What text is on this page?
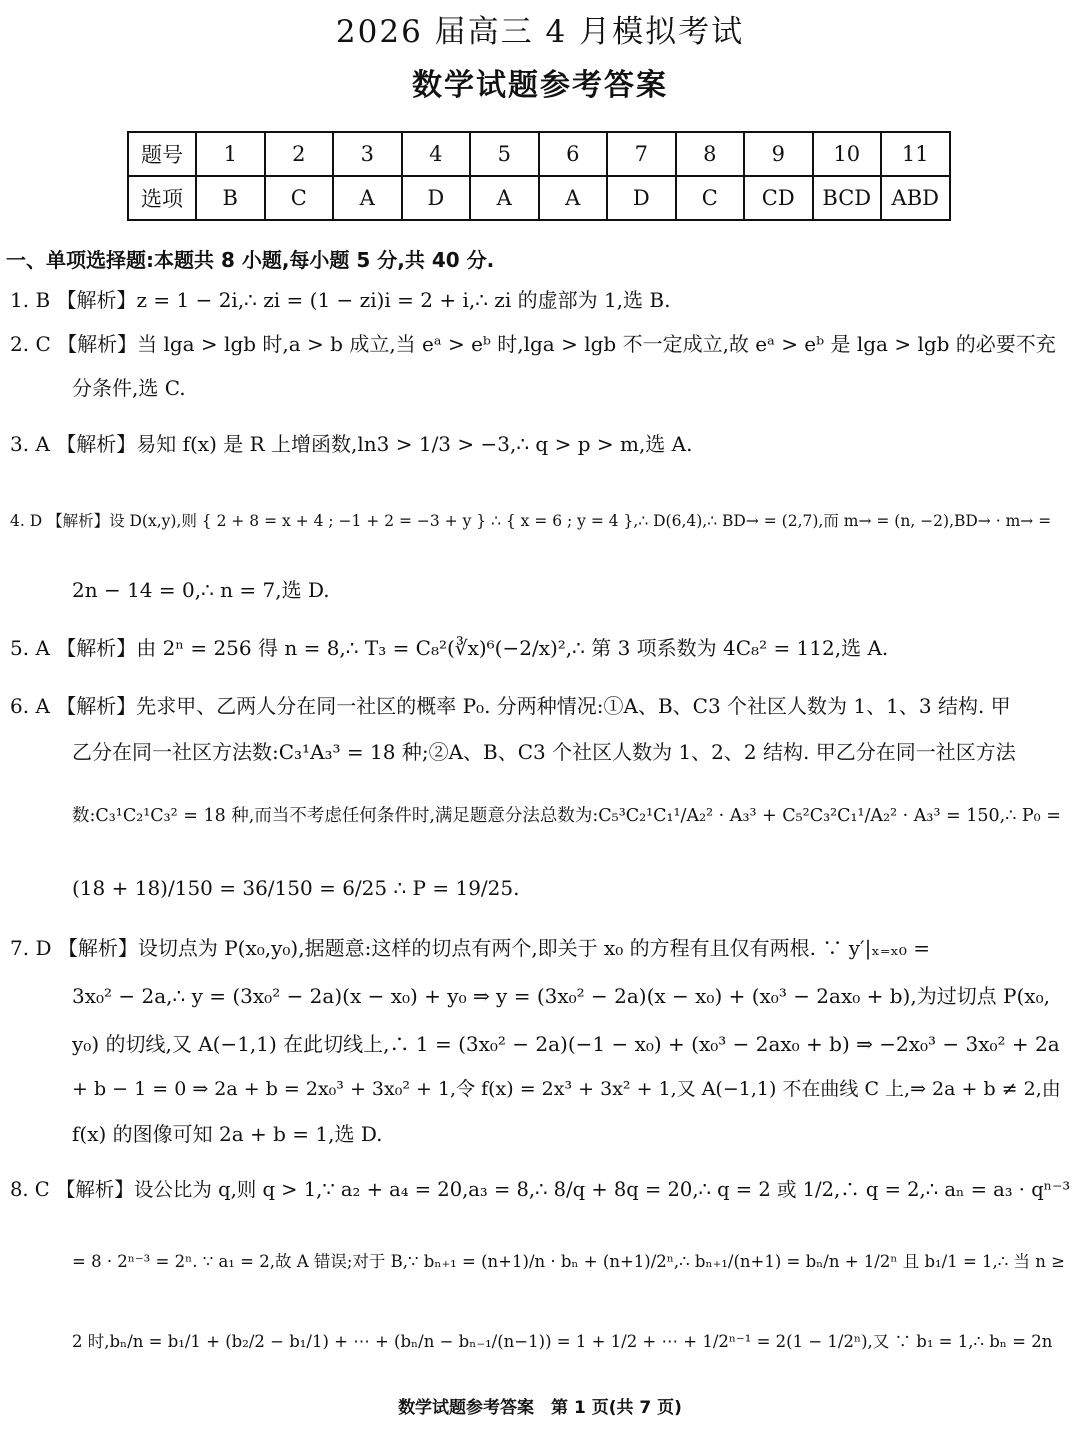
2026 届高三 4 月模拟考试
数学试题参考答案
题号	1	2	3	4	5	6	7	8	9	10	11
选项	B	C	A	D	A	A	D	C	CD	BCD	ABD
一、单项选择题:本题共 8 小题,每小题 5 分,共 40 分.
1. B 【解析】z = 1 − 2i,∴ zi = (1 − zi)i = 2 + i,∴ zi 的虚部为 1,选 B.
2. C 【解析】当 lga > lgb 时,a > b 成立,当 eᵃ > eᵇ 时,lga > lgb 不一定成立,故 eᵃ > eᵇ 是 lga > lgb 的必要不充
分条件,选 C.
3. A 【解析】易知 f(x) 是 R 上增函数,ln3 > 1/3 > −3,∴ q > p > m,选 A.
4. D 【解析】设 D(x,y),则 { 2 + 8 = x + 4 ; −1 + 2 = −3 + y } ∴ { x = 6 ; y = 4 },∴ D(6,4),∴ BD→ = (2,7),而 m→ = (n, −2),BD→ · m→ =
2n − 14 = 0,∴ n = 7,选 D.
5. A 【解析】由 2ⁿ = 256 得 n = 8,∴ T₃ = C₈²(∛x)⁶(−2/x)²,∴ 第 3 项系数为 4C₈² = 112,选 A.
6. A 【解析】先求甲、乙两人分在同一社区的概率 P₀. 分两种情况:①A、B、C3 个社区人数为 1、1、3 结构. 甲
乙分在同一社区方法数:C₃¹A₃³ = 18 种;②A、B、C3 个社区人数为 1、2、2 结构. 甲乙分在同一社区方法
数:C₃¹C₂¹C₃² = 18 种,而当不考虑任何条件时,满足题意分法总数为:C₅³C₂¹C₁¹/A₂² · A₃³ + C₅²C₃²C₁¹/A₂² · A₃³ = 150,∴ P₀ =
(18 + 18)/150 = 36/150 = 6/25 ∴ P = 19/25.
7. D 【解析】设切点为 P(x₀,y₀),据题意:这样的切点有两个,即关于 x₀ 的方程有且仅有两根. ∵ y′|ₓ₌ₓ₀ =
3x₀² − 2a,∴ y = (3x₀² − 2a)(x − x₀) + y₀ ⇒ y = (3x₀² − 2a)(x − x₀) + (x₀³ − 2ax₀ + b),为过切点 P(x₀,
y₀) 的切线,又 A(−1,1) 在此切线上,∴ 1 = (3x₀² − 2a)(−1 − x₀) + (x₀³ − 2ax₀ + b) ⇒ −2x₀³ − 3x₀² + 2a
+ b − 1 = 0 ⇒ 2a + b = 2x₀³ + 3x₀² + 1,令 f(x) = 2x³ + 3x² + 1,又 A(−1,1) 不在曲线 C 上,⇒ 2a + b ≠ 2,由
f(x) 的图像可知 2a + b = 1,选 D.
8. C 【解析】设公比为 q,则 q > 1,∵ a₂ + a₄ = 20,a₃ = 8,∴ 8/q + 8q = 20,∴ q = 2 或 1/2,∴ q = 2,∴ aₙ = a₃ · qⁿ⁻³
= 8 · 2ⁿ⁻³ = 2ⁿ. ∵ a₁ = 2,故 A 错误;对于 B,∵ bₙ₊₁ = (n+1)/n · bₙ + (n+1)/2ⁿ,∴ bₙ₊₁/(n+1) = bₙ/n + 1/2ⁿ 且 b₁/1 = 1,∴ 当 n ≥
2 时,bₙ/n = b₁/1 + (b₂/2 − b₁/1) + ⋯ + (bₙ/n − bₙ₋₁/(n−1)) = 1 + 1/2 + ⋯ + 1/2ⁿ⁻¹ = 2(1 − 1/2ⁿ),又 ∵ b₁ = 1,∴ bₙ = 2n
数学试题参考答案　第 1 页(共 7 页)
